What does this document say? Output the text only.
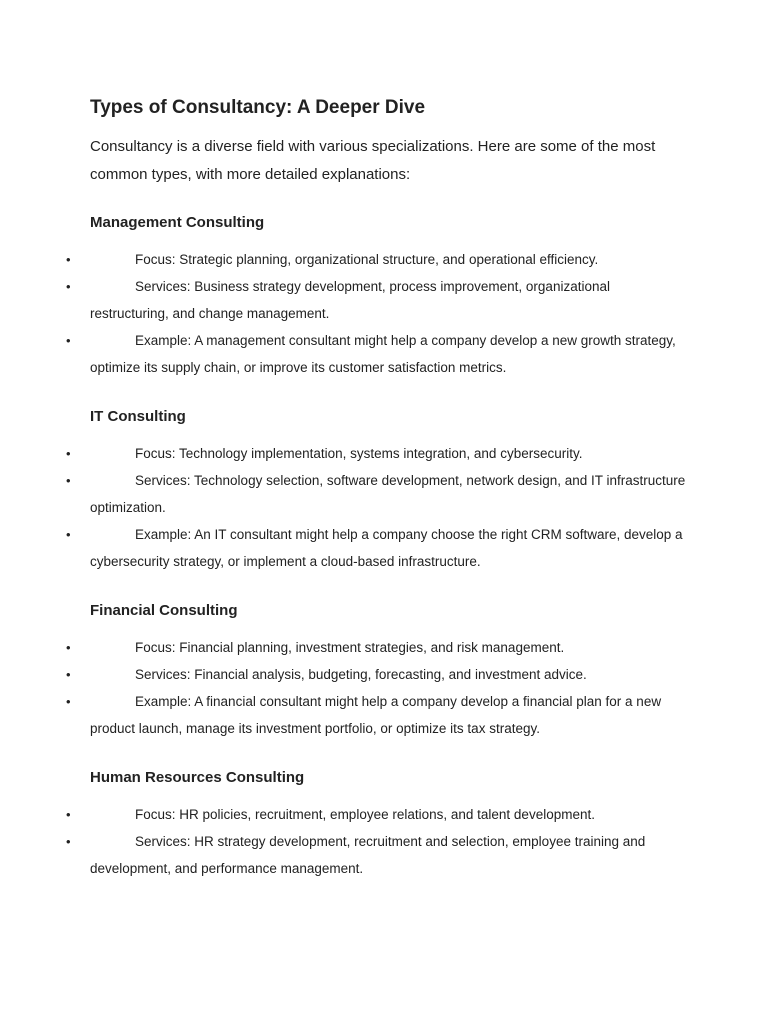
Types of Consultancy: A Deeper Dive

Consultancy is a diverse field with various specializations. Here are some of the most common types, with more detailed explanations:

Management Consulting
•	Focus: Strategic planning, organizational structure, and operational efficiency.
•	Services: Business strategy development, process improvement, organizational restructuring, and change management.
•	Example: A management consultant might help a company develop a new growth strategy, optimize its supply chain, or improve its customer satisfaction metrics.
IT Consulting
•	Focus: Technology implementation, systems integration, and cybersecurity.
•	Services: Technology selection, software development, network design, and IT infrastructure optimization.
•	Example: An IT consultant might help a company choose the right CRM software, develop a cybersecurity strategy, or implement a cloud-based infrastructure.
Financial Consulting
•	Focus: Financial planning, investment strategies, and risk management.
•	Services: Financial analysis, budgeting, forecasting, and investment advice.
•	Example: A financial consultant might help a company develop a financial plan for a new product launch, manage its investment portfolio, or optimize its tax strategy.
Human Resources Consulting
•	Focus: HR policies, recruitment, employee relations, and talent development.
•	Services: HR strategy development, recruitment and selection, employee training and development, and performance management.
